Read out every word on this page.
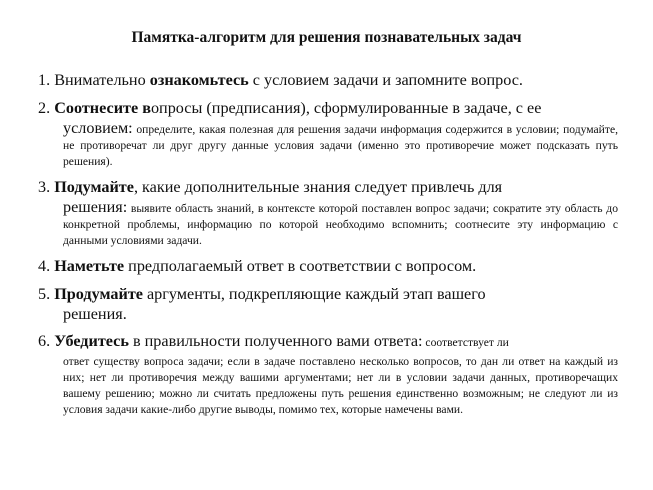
Памятка-алгоритм для решения познавательных задач
1. Внимательно ознакомьтесь с условием задачи и запомните вопрос.
2. Соотнесите вопросы (предписания), сформулированные в задаче, с ее
условием: определите, какая полезная для решения задачи информация содержится в условии; подумайте, не противоречат ли друг другу данные условия задачи (именно это противоречие может подсказать путь решения).
3. Подумайте, какие дополнительные знания следует привлечь для
решения: выявите область знаний, в контексте которой поставлен вопрос задачи; сократите эту область до конкретной проблемы, информацию по которой необходимо вспомнить; соотнесите эту информацию с данными условиями задачи.
4. Наметьте предполагаемый ответ в соответствии с вопросом.
5. Продумайте аргументы, подкрепляющие каждый этап вашего
решения.
6. Убедитесь в правильности полученного вами ответа: соответствует ли
ответ существу вопроса задачи; если в задаче поставлено несколько вопросов, то дан ли ответ на каждый из них; нет ли противоречия между вашими аргументами; нет ли в условии задачи данных, противоречащих вашему решению; можно ли считать предложены путь решения единственно возможным; не следуют ли из условия задачи какие-либо другие выводы, помимо тех, которые намечены вами.
